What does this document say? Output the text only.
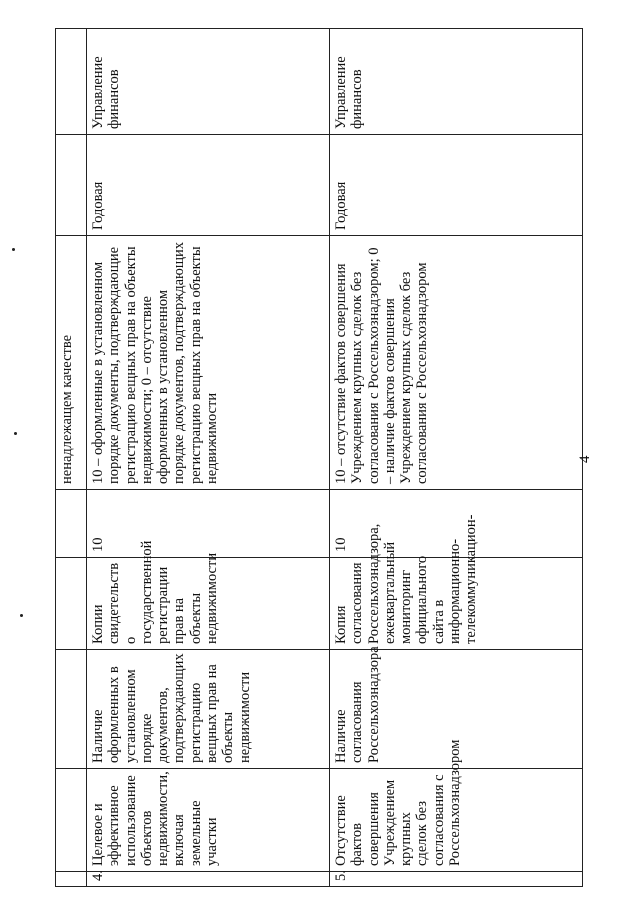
					ненадлежащем качестве		
4.	Целевое и эффективное использование объектов недвижимости, включая земельные участки	Наличие оформленных в установленном порядке документов, подтверждающих регистрацию вещных прав на объекты недвижимости	Копии свидетельств о государственной регистрации прав на объекты недвижимости	10	10 – оформленные в установленном порядке документы, подтверждающие регистрацию вещных прав на объекты недвижимости; 0 – отсутствие оформленных в установленном порядке документов, подтверждающих регистрацию вещных прав на объекты недвижимости	Годовая	Управление финансов
5.	Отсутствие фактов совершения Учреждением крупных сделок без согласования с Россельхознадзором	Наличие согласования Россельхознадзора	Копия согласования Россельхознадзора, ежеквартальный мониторинг официального сайта в информационно-телекоммуникацион-	10	10 – отсутствие фактов совершения Учреждением крупных сделок без согласования с Россельхознадзором; 0 – наличие фактов совершения Учреждением крупных сделок без согласования с Россельхознадзором	Годовая	Управление финансов
4
